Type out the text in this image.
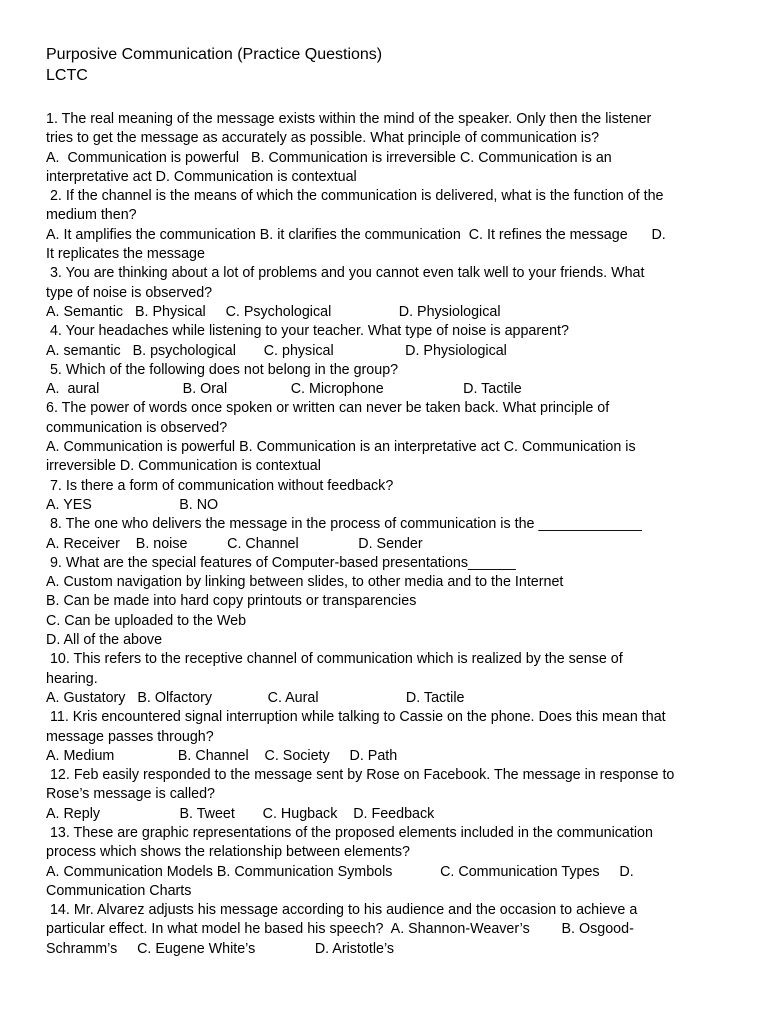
Purposive Communication (Practice Questions)

LCTC

1. The real meaning of the message exists within the mind of the speaker. Only then the listener

tries to get the message as accurately as possible. What principle of communication is?

A.  Communication is powerful   B. Communication is irreversible C. Communication is an

interpretative act D. Communication is contextual

2. If the channel is the means of which the communication is delivered, what is the function of the

medium then?

A. It amplifies the communication B. it clarifies the communication  C. It refines the message      D.

It replicates the message

3. You are thinking about a lot of problems and you cannot even talk well to your friends. What

type of noise is observed?

A. Semantic   B. Physical     C. Psychological                 D. Physiological

4. Your headaches while listening to your teacher. What type of noise is apparent?

A. semantic   B. psychological       C. physical                  D. Physiological

5. Which of the following does not belong in the group?

A.  aural                     B. Oral                C. Microphone                    D. Tactile

6. The power of words once spoken or written can never be taken back. What principle of

communication is observed?

A. Communication is powerful B. Communication is an interpretative act C. Communication is

irreversible D. Communication is contextual

7. Is there a form of communication without feedback?

A. YES                      B. NO

8. The one who delivers the message in the process of communication is the _____________

A. Receiver    B. noise          C. Channel               D. Sender

9. What are the special features of Computer-based presentations______

A. Custom navigation by linking between slides, to other media and to the Internet

B. Can be made into hard copy printouts or transparencies

C. Can be uploaded to the Web

D. All of the above

10. This refers to the receptive channel of communication which is realized by the sense of

hearing.

A. Gustatory   B. Olfactory              C. Aural                      D. Tactile

11. Kris encountered signal interruption while talking to Cassie on the phone. Does this mean that

message passes through?

A. Medium                B. Channel    C. Society     D. Path

12. Feb easily responded to the message sent by Rose on Facebook. The message in response to

Rose’s message is called?

A. Reply                    B. Tweet       C. Hugback    D. Feedback

13. These are graphic representations of the proposed elements included in the communication

process which shows the relationship between elements?

A. Communication Models B. Communication Symbols            C. Communication Types     D.

Communication Charts

14. Mr. Alvarez adjusts his message according to his audience and the occasion to achieve a

particular effect. In what model he based his speech?  A. Shannon-Weaver’s        B. Osgood-

Schramm’s     C. Eugene White’s               D. Aristotle’s
